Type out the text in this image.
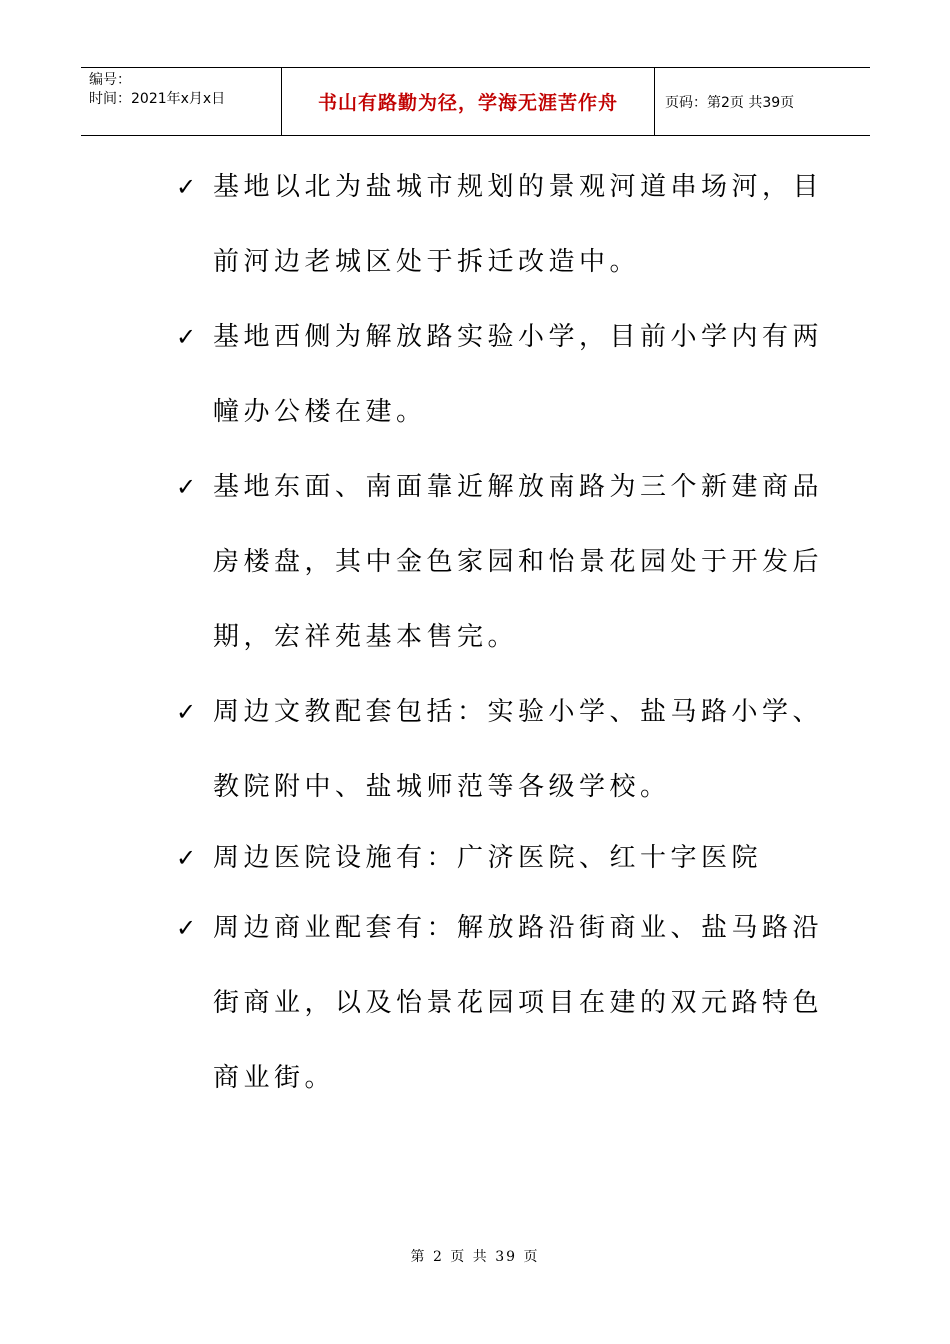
编号：
时间：2021年x月x日	书山有路勤为径，学海无涯苦作舟	页码：第2页 共39页
✓ 基地以北为盐城市规划的景观河道串场河，目前河边老城区处于拆迁改造中。
✓ 基地西侧为解放路实验小学，目前小学内有两幢办公楼在建。
✓ 基地东面、南面靠近解放南路为三个新建商品房楼盘，其中金色家园和怡景花园处于开发后期，宏祥苑基本售完。
✓ 周边文教配套包括：实验小学、盐马路小学、教院附中、盐城师范等各级学校。
✓ 周边医院设施有：广济医院、红十字医院
✓ 周边商业配套有：解放路沿街商业、盐马路沿街商业，以及怡景花园项目在建的双元路特色商业街。
第 2 页 共 39 页
